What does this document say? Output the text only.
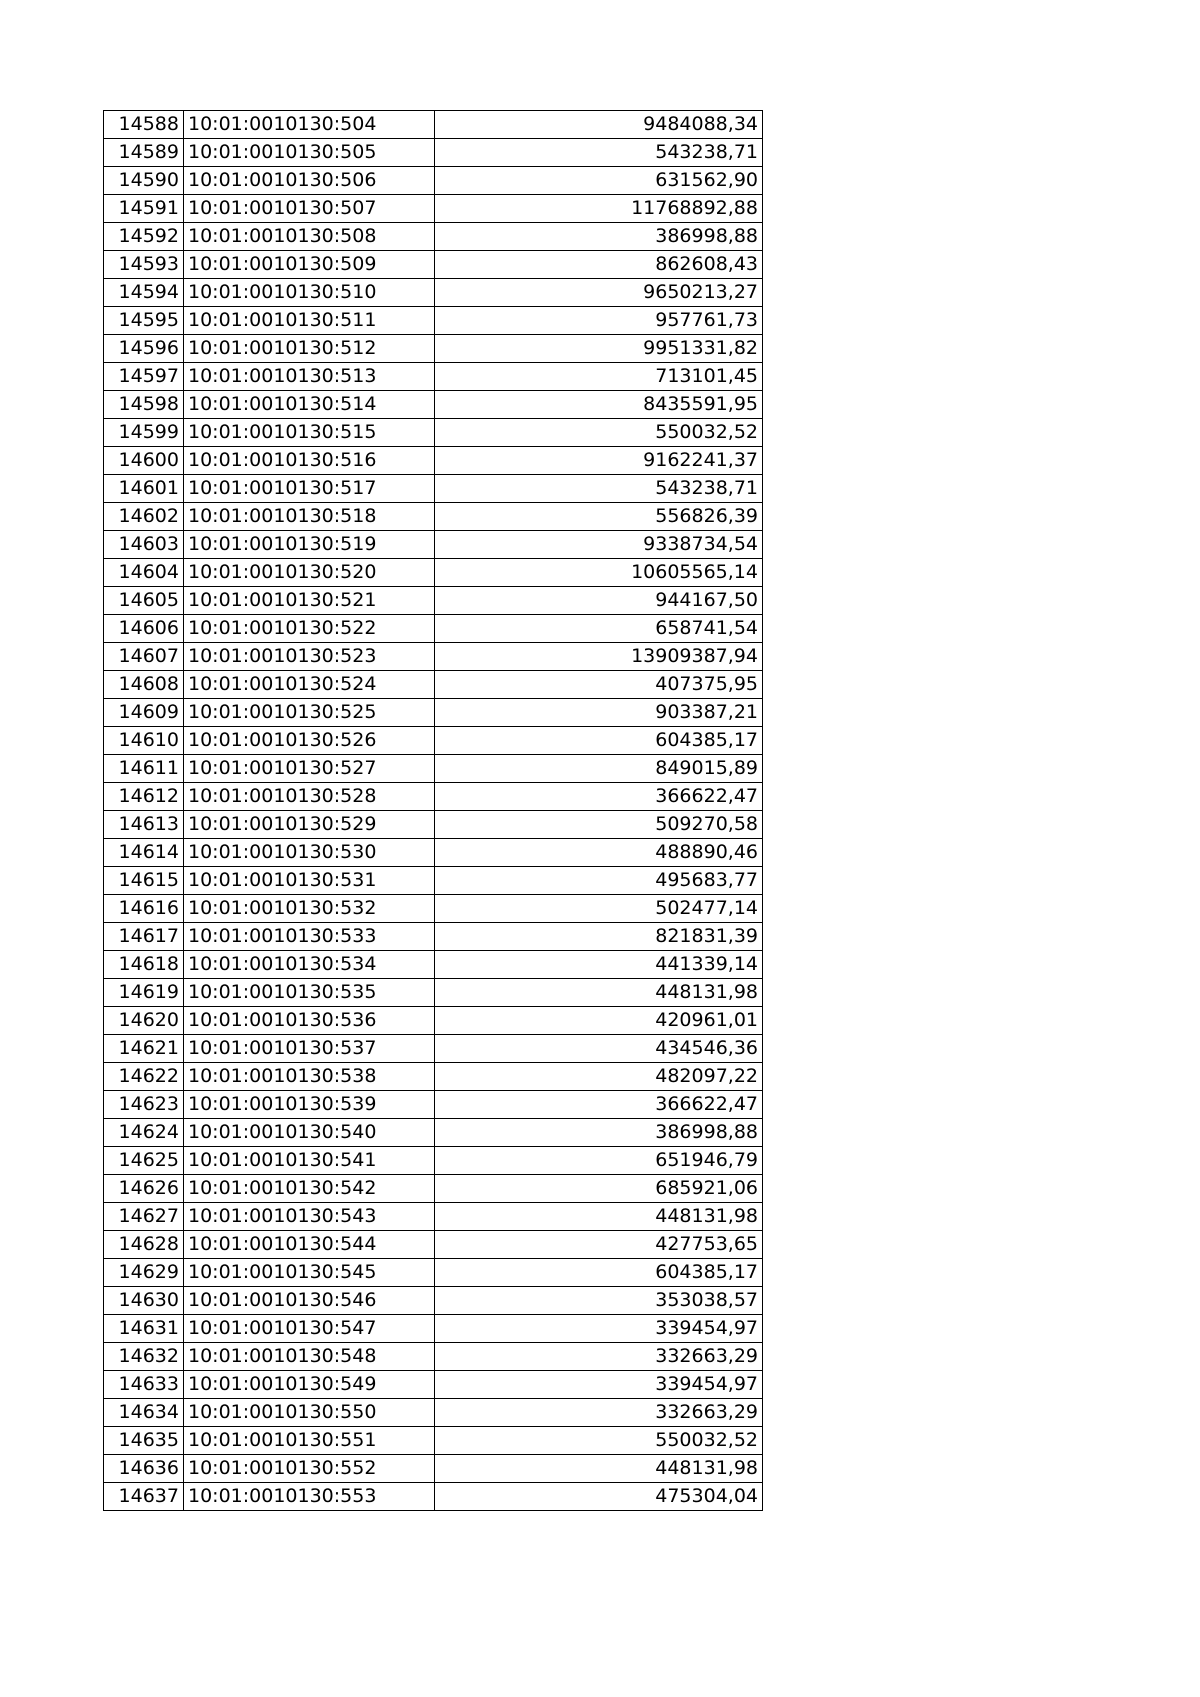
14588	10:01:0010130:504	9484088,34
14589	10:01:0010130:505	543238,71
14590	10:01:0010130:506	631562,90
14591	10:01:0010130:507	11768892,88
14592	10:01:0010130:508	386998,88
14593	10:01:0010130:509	862608,43
14594	10:01:0010130:510	9650213,27
14595	10:01:0010130:511	957761,73
14596	10:01:0010130:512	9951331,82
14597	10:01:0010130:513	713101,45
14598	10:01:0010130:514	8435591,95
14599	10:01:0010130:515	550032,52
14600	10:01:0010130:516	9162241,37
14601	10:01:0010130:517	543238,71
14602	10:01:0010130:518	556826,39
14603	10:01:0010130:519	9338734,54
14604	10:01:0010130:520	10605565,14
14605	10:01:0010130:521	944167,50
14606	10:01:0010130:522	658741,54
14607	10:01:0010130:523	13909387,94
14608	10:01:0010130:524	407375,95
14609	10:01:0010130:525	903387,21
14610	10:01:0010130:526	604385,17
14611	10:01:0010130:527	849015,89
14612	10:01:0010130:528	366622,47
14613	10:01:0010130:529	509270,58
14614	10:01:0010130:530	488890,46
14615	10:01:0010130:531	495683,77
14616	10:01:0010130:532	502477,14
14617	10:01:0010130:533	821831,39
14618	10:01:0010130:534	441339,14
14619	10:01:0010130:535	448131,98
14620	10:01:0010130:536	420961,01
14621	10:01:0010130:537	434546,36
14622	10:01:0010130:538	482097,22
14623	10:01:0010130:539	366622,47
14624	10:01:0010130:540	386998,88
14625	10:01:0010130:541	651946,79
14626	10:01:0010130:542	685921,06
14627	10:01:0010130:543	448131,98
14628	10:01:0010130:544	427753,65
14629	10:01:0010130:545	604385,17
14630	10:01:0010130:546	353038,57
14631	10:01:0010130:547	339454,97
14632	10:01:0010130:548	332663,29
14633	10:01:0010130:549	339454,97
14634	10:01:0010130:550	332663,29
14635	10:01:0010130:551	550032,52
14636	10:01:0010130:552	448131,98
14637	10:01:0010130:553	475304,04
